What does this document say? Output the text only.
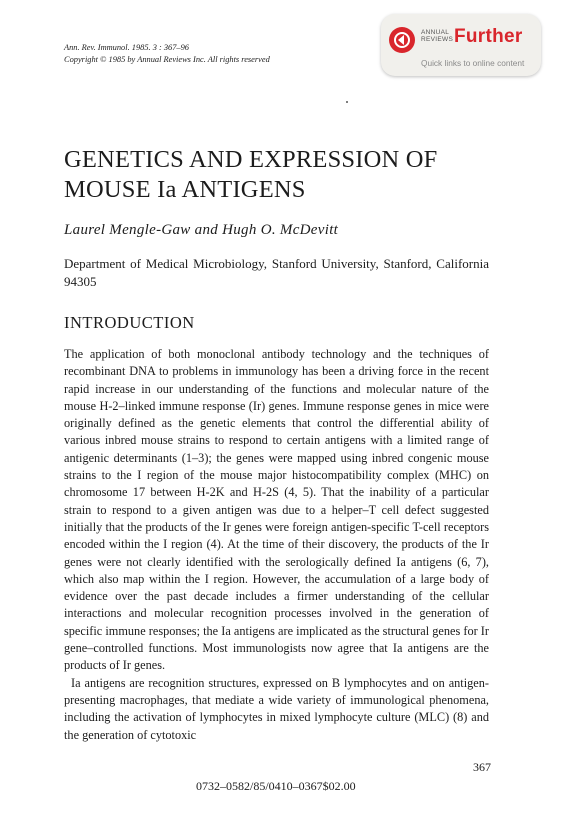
Ann. Rev. Immunol. 1985. 3 : 367–96
Copyright © 1985 by Annual Reviews Inc. All rights reserved
ANNUAL
REVIEWS Further
Quick links to online content
GENETICS AND EXPRESSION OF
MOUSE Ia ANTIGENS
Laurel Mengle-Gaw and Hugh O. McDevitt
Department of Medical Microbiology, Stanford University, Stanford, California 94305
INTRODUCTION

The application of both monoclonal antibody technology and the techniques of recombinant DNA to problems in immunology has been a driving force in the recent rapid increase in our understanding of the functions and molecular nature of the mouse H-2–linked immune response (Ir) genes. Immune response genes in mice were originally defined as the genetic elements that control the differential ability of various inbred mouse strains to respond to certain antigens with a limited range of antigenic determinants (1–3); the genes were mapped using inbred congenic mouse strains to the I region of the mouse major histocompatibility complex (MHC) on chromosome 17 between H-2K and H-2S (4, 5). That the inability of a particular strain to respond to a given antigen was due to a helper–T cell defect suggested initially that the products of the Ir genes were foreign antigen-specific T-cell receptors encoded within the I region (4). At the time of their discovery, the products of the Ir genes were not clearly identified with the serologically defined Ia antigens (6, 7), which also map within the I region. However, the accumulation of a large body of evidence over the past decade includes a firmer understanding of the cellular interactions and molecular recognition processes involved in the generation of specific immune responses; the Ia antigens are implicated as the structural genes for Ir gene–controlled functions. Most immunologists now agree that Ia antigens are the products of Ir genes.

Ia antigens are recognition structures, expressed on B lymphocytes and on antigen-presenting macrophages, that mediate a wide variety of immunological phenomena, including the activation of lymphocytes in mixed lymphocyte culture (MLC) (8) and the generation of cytotoxic

367
0732–0582/85/0410–0367$02.00
